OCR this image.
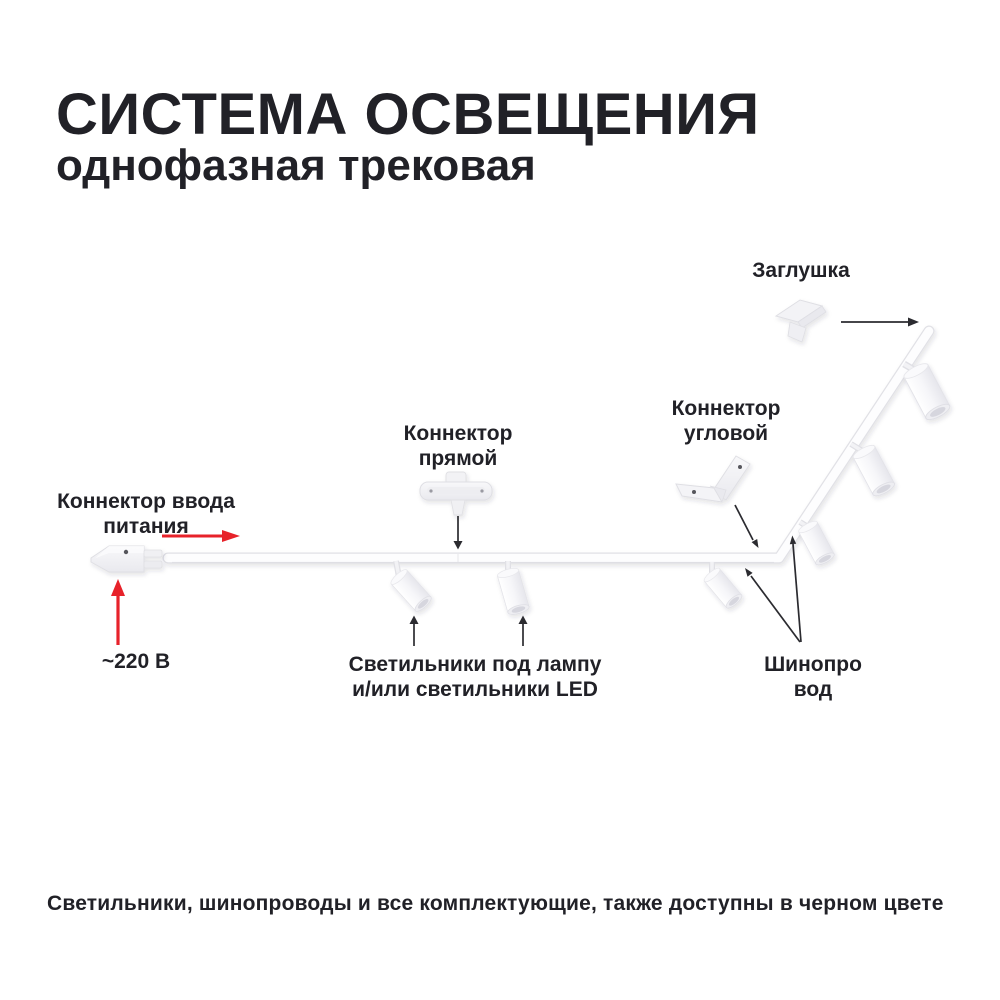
СИСТЕМА ОСВЕЩЕНИЯ
однофазная трековая
Заглушка
Коннектор
угловой
Коннектор
прямой
Коннектор ввода
питания
~220 В	Светильники под лампу
и/или светильники LED
Шинопро
вод

Светильники, шинопроводы и все комплектующие, также доступны в черном цвете
